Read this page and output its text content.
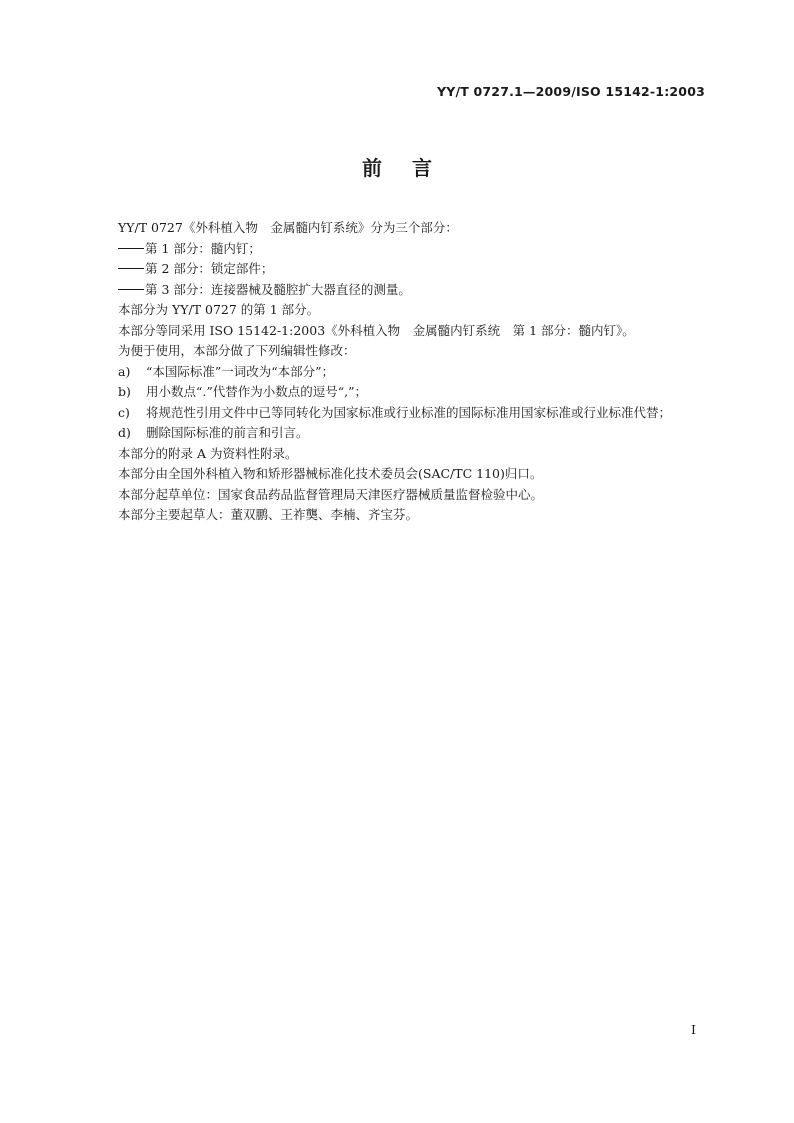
YY/T 0727.1—2009/ISO 15142-1:2003
前言
YY/T 0727《外科植入物　金属髓内钉系统》分为三个部分：
第 1 部分：髓内钉；
第 2 部分：锁定部件；
第 3 部分：连接器械及髓腔扩大器直径的测量。
本部分为 YY/T 0727 的第 1 部分。
本部分等同采用 ISO 15142-1:2003《外科植入物　金属髓内钉系统　第 1 部分：髓内钉》。
为便于使用，本部分做了下列编辑性修改：
a)	“本国际标准”一词改为“本部分”；
b)	用小数点“.”代替作为小数点的逗号“,”；
c)	将规范性引用文件中已等同转化为国家标准或行业标准的国际标准用国家标准或行业标准代替；
d)	删除国际标准的前言和引言。
本部分的附录 A 为资料性附录。
本部分由全国外科植入物和矫形器械标准化技术委员会(SAC/TC 110)归口。
本部分起草单位：国家食品药品监督管理局天津医疗器械质量监督检验中心。
本部分主要起草人：董双鹏、王祚龑、李楠、齐宝芬。
I
